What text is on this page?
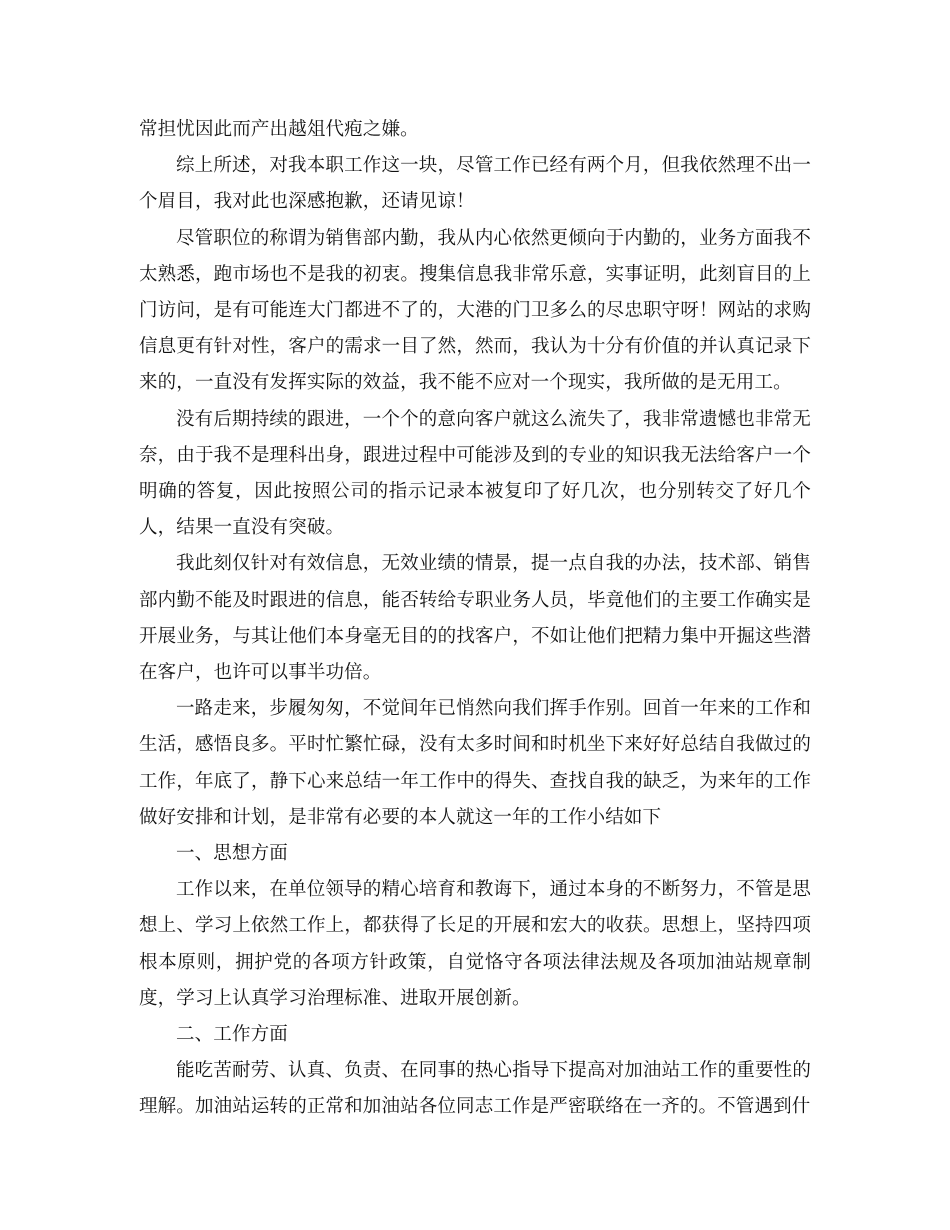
常担忧因此而产出越俎代疱之嫌。

综上所述，对我本职工作这一块，尽管工作已经有两个月，但我依然理不出一个眉目，我对此也深感抱歉，还请见谅！

尽管职位的称谓为销售部内勤，我从内心依然更倾向于内勤的，业务方面我不太熟悉，跑市场也不是我的初衷。搜集信息我非常乐意，实事证明，此刻盲目的上门访问，是有可能连大门都进不了的，大港的门卫多么的尽忠职守呀！网站的求购信息更有针对性，客户的需求一目了然，然而，我认为十分有价值的并认真记录下来的，一直没有发挥实际的效益，我不能不应对一个现实，我所做的是无用工。

没有后期持续的跟进，一个个的意向客户就这么流失了，我非常遗憾也非常无奈，由于我不是理科出身，跟进过程中可能涉及到的专业的知识我无法给客户一个明确的答复，因此按照公司的指示记录本被复印了好几次，也分别转交了好几个人，结果一直没有突破。

我此刻仅针对有效信息，无效业绩的情景，提一点自我的办法，技术部、销售部内勤不能及时跟进的信息，能否转给专职业务人员，毕竟他们的主要工作确实是开展业务，与其让他们本身毫无目的的找客户，不如让他们把精力集中开掘这些潜在客户，也许可以事半功倍。

一路走来，步履匆匆，不觉间年已悄然向我们挥手作别。回首一年来的工作和生活，感悟良多。平时忙繁忙碌，没有太多时间和时机坐下来好好总结自我做过的工作，年底了，静下心来总结一年工作中的得失、查找自我的缺乏，为来年的工作做好安排和计划，是非常有必要的本人就这一年的工作小结如下

一、思想方面

工作以来，在单位领导的精心培育和教诲下，通过本身的不断努力，不管是思想上、学习上依然工作上，都获得了长足的开展和宏大的收获。思想上，坚持四项根本原则，拥护党的各项方针政策，自觉恪守各项法律法规及各项加油站规章制度，学习上认真学习治理标准、进取开展创新。

二、工作方面

能吃苦耐劳、认真、负责、在同事的热心指导下提高对加油站工作的重要性的理解。加油站运转的正常和加油站各位同志工作是严密联络在一齐的。不管遇到什
